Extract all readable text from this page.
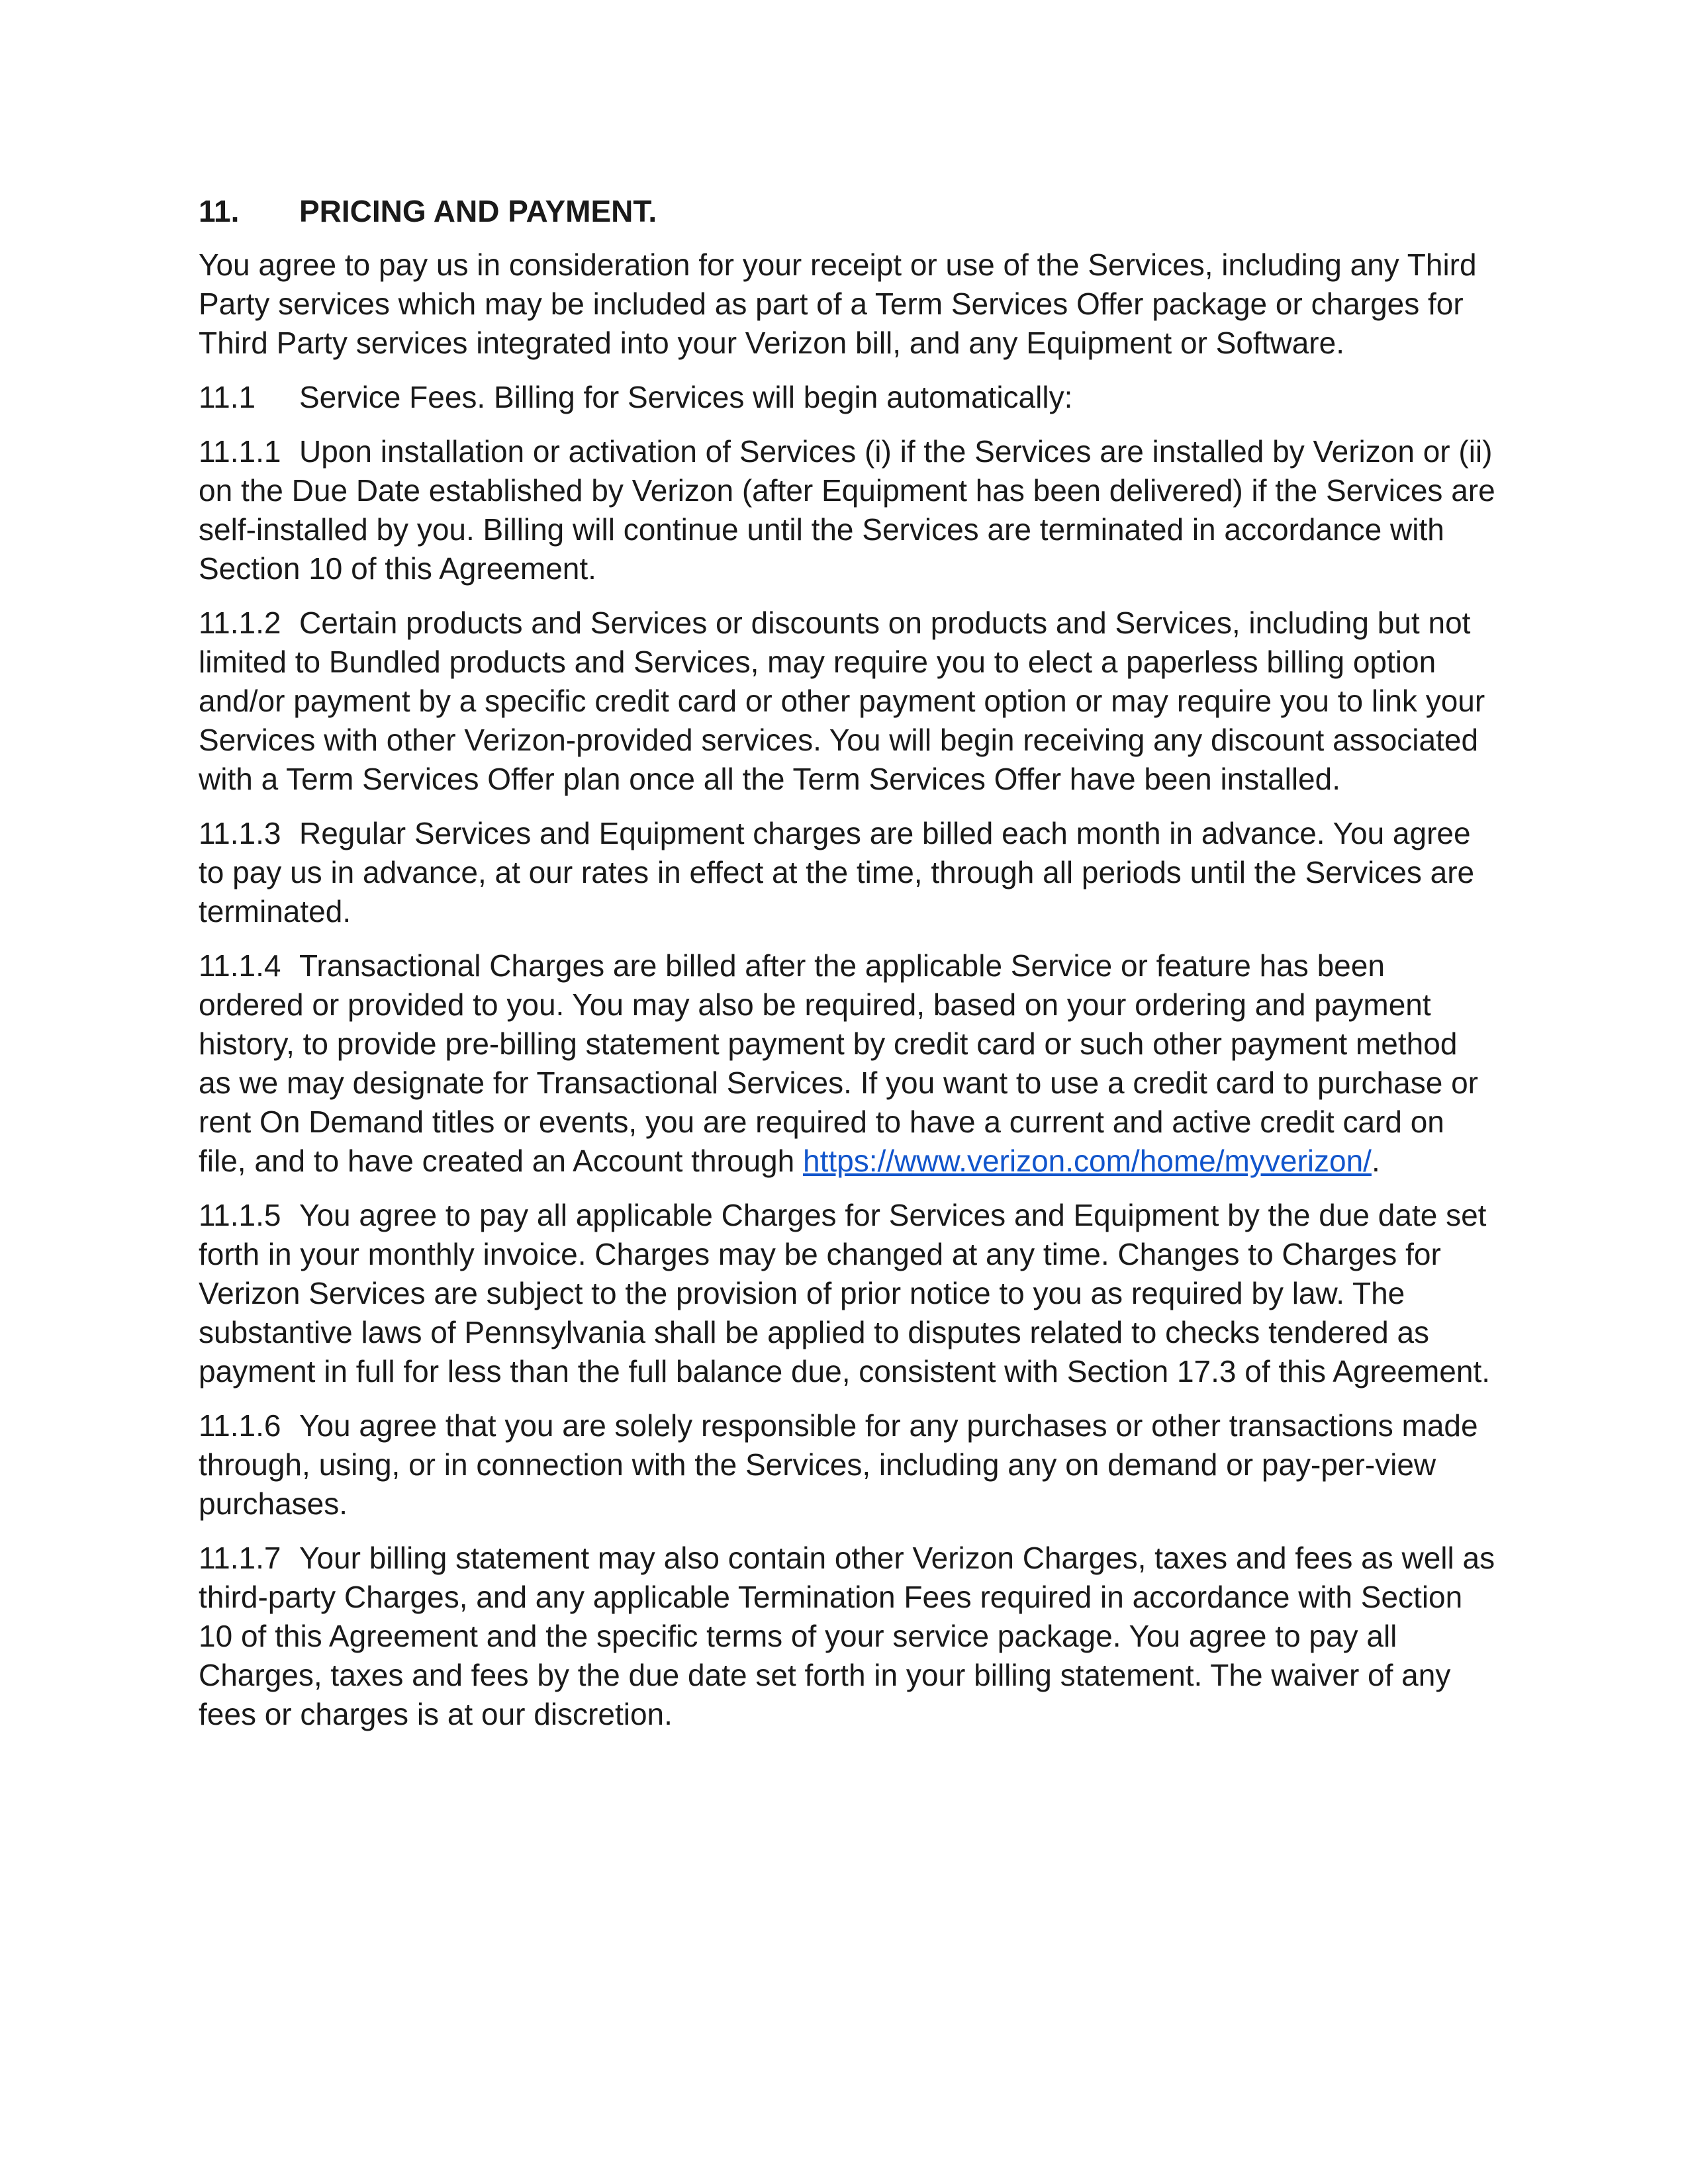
11. PRICING AND PAYMENT.

You agree to pay us in consideration for your receipt or use of the Services, including any Third Party services which may be included as part of a Term Services Offer package or charges for Third Party services integrated into your Verizon bill, and any Equipment or Software.

11.1 Service Fees. Billing for Services will begin automatically:

11.1.1 Upon installation or activation of Services (i) if the Services are installed by Verizon or (ii) on the Due Date established by Verizon (after Equipment has been delivered) if the Services are self-installed by you. Billing will continue until the Services are terminated in accordance with Section 10 of this Agreement.

11.1.2 Certain products and Services or discounts on products and Services, including but not limited to Bundled products and Services, may require you to elect a paperless billing option and/or payment by a specific credit card or other payment option or may require you to link your Services with other Verizon-provided services. You will begin receiving any discount associated with a Term Services Offer plan once all the Term Services Offer have been installed.

11.1.3 Regular Services and Equipment charges are billed each month in advance. You agree to pay us in advance, at our rates in effect at the time, through all periods until the Services are terminated.

11.1.4 Transactional Charges are billed after the applicable Service or feature has been ordered or provided to you. You may also be required, based on your ordering and payment history, to provide pre-billing statement payment by credit card or such other payment method as we may designate for Transactional Services. If you want to use a credit card to purchase or rent On Demand titles or events, you are required to have a current and active credit card on file, and to have created an Account through https://www.verizon.com/home/myverizon/.

11.1.5 You agree to pay all applicable Charges for Services and Equipment by the due date set forth in your monthly invoice. Charges may be changed at any time. Changes to Charges for Verizon Services are subject to the provision of prior notice to you as required by law. The substantive laws of Pennsylvania shall be applied to disputes related to checks tendered as payment in full for less than the full balance due, consistent with Section 17.3 of this Agreement.

11.1.6 You agree that you are solely responsible for any purchases or other transactions made through, using, or in connection with the Services, including any on demand or pay-per-view purchases.

11.1.7 Your billing statement may also contain other Verizon Charges, taxes and fees as well as third-party Charges, and any applicable Termination Fees required in accordance with Section 10 of this Agreement and the specific terms of your service package. You agree to pay all Charges, taxes and fees by the due date set forth in your billing statement. The waiver of any fees or charges is at our discretion.
